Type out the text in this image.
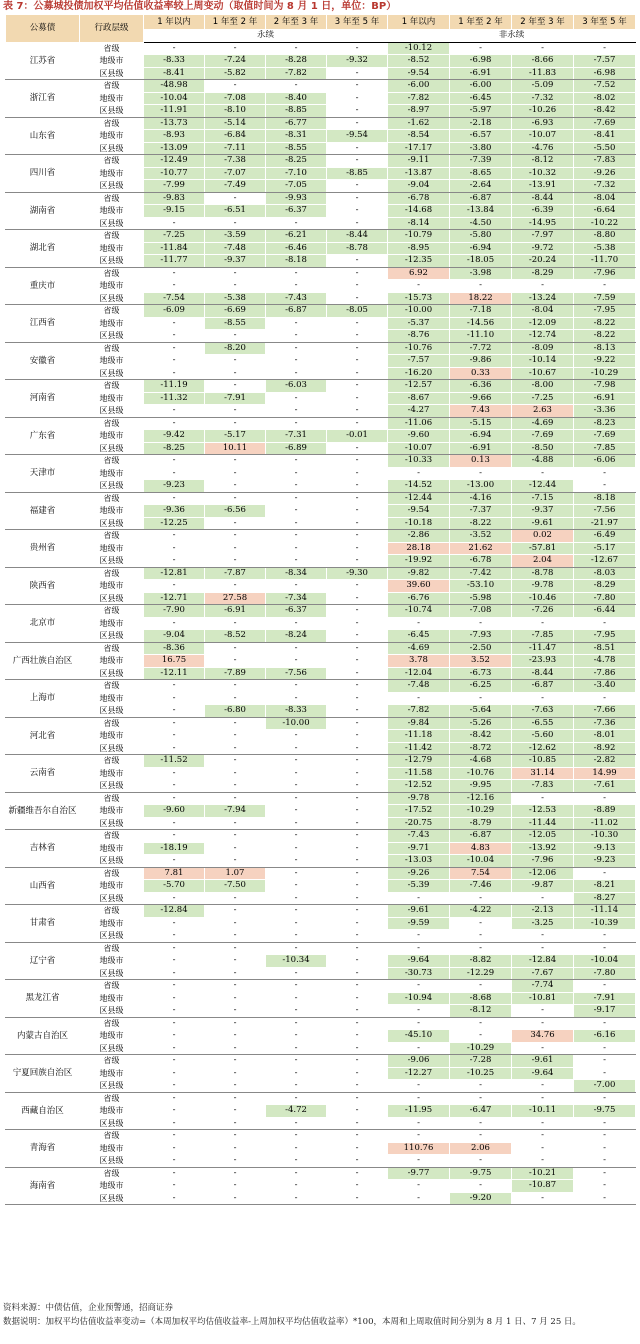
表 7：公募城投债加权平均估值收益率较上周变动（取值时间为 8 月 1 日，单位：BP）
公募债	行政层级	1 年以内	1 年至 2 年	2 年至 3 年	3 年至 5 年	1 年以内	1 年至 2 年	2 年至 3 年	3 年至 5 年
		永续				非永续			
江苏省	省级	-	-	-	-	-10.12	-	-	-
	地级市	-8.33	-7.24	-8.28	-9.32	-8.52	-6.98	-8.66	-7.57
	区县级	-8.41	-5.82	-7.82	-	-9.54	-6.91	-11.83	-6.98
浙江省	省级	-48.98	-	-	-	-6.00	-6.00	-5.09	-7.52
	地级市	-10.04	-7.08	-8.40	-	-7.82	-6.45	-7.32	-8.02
	区县级	-11.91	-8.10	-8.85	-	-8.97	-5.97	-10.26	-8.42
山东省	省级	-13.73	-5.14	-6.77	-	-1.62	-2.18	-6.93	-7.69
	地级市	-8.93	-6.84	-8.31	-9.54	-8.54	-6.57	-10.07	-8.41
	区县级	-13.09	-7.11	-8.55	-	-17.17	-3.80	-4.76	-5.50
四川省	省级	-12.49	-7.38	-8.25	-	-9.11	-7.39	-8.12	-7.83
	地级市	-10.77	-7.07	-7.10	-8.85	-13.87	-8.65	-10.32	-9.26
	区县级	-7.99	-7.49	-7.05	-	-9.04	-2.64	-13.91	-7.32
湖南省	省级	-9.83	-	-9.93	-	-6.78	-6.87	-8.44	-8.04
	地级市	-9.15	-6.51	-6.37	-	-14.68	-13.84	-6.39	-6.64
	区县级	-	-	-	-	-8.14	-4.50	-14.95	-10.22
湖北省	省级	-7.25	-3.59	-6.21	-8.44	-10.79	-5.80	-7.97	-8.80
	地级市	-11.84	-7.48	-6.46	-8.78	-8.95	-6.94	-9.72	-5.38
	区县级	-11.77	-9.37	-8.18	-	-12.35	-18.05	-20.24	-11.70
重庆市	省级	-	-	-	-	6.92	-3.98	-8.29	-7.96
	地级市	-	-	-	-	-	-	-	-
	区县级	-7.54	-5.38	-7.43	-	-15.73	18.22	-13.24	-7.59
江西省	省级	-6.09	-6.69	-6.87	-8.05	-10.00	-7.18	-8.04	-7.95
	地级市	-	-8.55	-	-	-5.37	-14.56	-12.09	-8.22
	区县级	-	-	-	-	-8.76	-11.10	-12.74	-8.22
安徽省	省级	-	-8.20	-	-	-10.76	-7.72	-8.09	-8.13
	地级市	-	-	-	-	-7.57	-9.86	-10.14	-9.22
	区县级	-	-	-	-	-16.20	0.33	-10.67	-10.29
河南省	省级	-11.19	-	-6.03	-	-12.57	-6.36	-8.00	-7.98
	地级市	-11.32	-7.91	-	-	-8.67	-9.66	-7.25	-6.91
	区县级	-	-	-	-	-4.27	7.43	2.63	-3.36
广东省	省级	-	-	-	-	-11.06	-5.15	-4.69	-8.23
	地级市	-9.42	-5.17	-7.31	-0.01	-9.60	-6.94	-7.69	-7.69
	区县级	-8.25	10.11	-6.89	-	-10.07	-6.91	-8.50	-7.85
天津市	省级	-	-	-	-	-10.33	0.13	-4.88	-6.06
	地级市	-	-	-	-	-	-	-	-
	区县级	-9.23	-	-	-	-14.52	-13.00	-12.44	-
福建省	省级	-	-	-	-	-12.44	-4.16	-7.15	-8.18
	地级市	-9.36	-6.56	-	-	-9.54	-7.37	-9.37	-7.56
	区县级	-12.25	-	-	-	-10.18	-8.22	-9.61	-21.97
贵州省	省级	-	-	-	-	-2.86	-3.52	0.02	-6.49
	地级市	-	-	-	-	28.18	21.62	-57.81	-5.17
	区县级	-	-	-	-	-19.92	-6.78	2.04	-12.67
陕西省	省级	-12.81	-7.87	-8.34	-9.30	-9.82	-7.42	-8.78	-8.03
	地级市	-	-	-	-	39.60	-53.10	-9.78	-8.29
	区县级	-12.71	27.58	-7.34	-	-6.76	-5.98	-10.46	-7.80
北京市	省级	-7.90	-6.91	-6.37	-	-10.74	-7.08	-7.26	-6.44
	地级市	-	-	-	-	-	-	-	-
	区县级	-9.04	-8.52	-8.24	-	-6.45	-7.93	-7.85	-7.95
广西壮族自治区	省级	-8.36	-	-	-	-4.69	-2.50	-11.47	-8.51
	地级市	16.75	-	-	-	3.78	3.52	-23.93	-4.78
	区县级	-12.11	-7.89	-7.56	-	-12.04	-6.73	-8.44	-7.86
上海市	省级	-	-	-	-	-7.48	-6.25	-6.87	-3.40
	地级市	-	-	-	-	-	-	-	-
	区县级	-	-6.80	-8.33	-	-7.82	-5.64	-7.63	-7.66
河北省	省级	-	-	-10.00	-	-9.84	-5.26	-6.55	-7.36
	地级市	-	-	-	-	-11.18	-8.42	-5.60	-8.01
	区县级	-	-	-	-	-11.42	-8.72	-12.62	-8.92
云南省	省级	-11.52	-	-	-	-12.79	-4.68	-10.85	-2.82
	地级市	-	-	-	-	-11.58	-10.76	31.14	14.99
	区县级	-	-	-	-	-12.52	-9.95	-7.83	-7.61
新疆维吾尔自治区	省级	-	-	-	-	-9.78	-12.16	-	-
	地级市	-9.60	-7.94	-	-	-17.52	-10.29	-12.53	-8.89
	区县级	-	-	-	-	-20.75	-8.79	-11.44	-11.02
吉林省	省级	-	-	-	-	-7.43	-6.87	-12.05	-10.30
	地级市	-18.19	-	-	-	-9.71	4.83	-13.92	-9.13
	区县级	-	-	-	-	-13.03	-10.04	-7.96	-9.23
山西省	省级	7.81	1.07	-	-	-9.26	7.54	-12.06	-
	地级市	-5.70	-7.50	-	-	-5.39	-7.46	-9.87	-8.21
	区县级	-	-	-	-	-	-	-	-8.27
甘肃省	省级	-12.84	-	-	-	-9.61	-4.22	-2.13	-11.14
	地级市	-	-	-	-	-9.59	-	-3.25	-10.39
	区县级	-	-	-	-	-	-	-	-
辽宁省	省级	-	-	-	-	-	-	-	-
	地级市	-	-	-10.34	-	-9.64	-8.82	-12.84	-10.04
	区县级	-	-	-	-	-30.73	-12.29	-7.67	-7.80
黑龙江省	省级	-	-	-	-	-	-	-7.74	-
	地级市	-	-	-	-	-10.94	-8.68	-10.81	-7.91
	区县级	-	-	-	-	-	-8.12	-	-9.17
内蒙古自治区	省级	-	-	-	-	-	-	-	-
	地级市	-	-	-	-	-45.10	-	34.76	-6.16
	区县级	-	-	-	-	-	-10.29	-	-
宁夏回族自治区	省级	-	-	-	-	-9.06	-7.28	-9.61	-
	地级市	-	-	-	-	-12.27	-10.25	-9.64	-
	区县级	-	-	-	-	-	-	-	-7.00
西藏自治区	省级	-	-	-	-	-	-	-	-
	地级市	-	-	-4.72	-	-11.95	-6.47	-10.11	-9.75
	区县级	-	-	-	-	-	-	-	-
青海省	省级	-	-	-	-	-	-	-	-
	地级市	-	-	-	-	110.76	2.06	-	-
	区县级	-	-	-	-	-	-	-	-
海南省	省级	-	-	-	-	-9.77	-9.75	-10.21	-
	地级市	-	-	-	-	-	-	-10.87	-
	区县级	-	-	-	-	-	-9.20	-	-
资料来源：中债估值，企业预警通，招商证券
数据说明：加权平均估值收益率变动=（本周加权平均估值收益率-上周加权平均估值收益率）*100，本周和上周取值时间分别为 8 月 1 日、7 月 25 日。
